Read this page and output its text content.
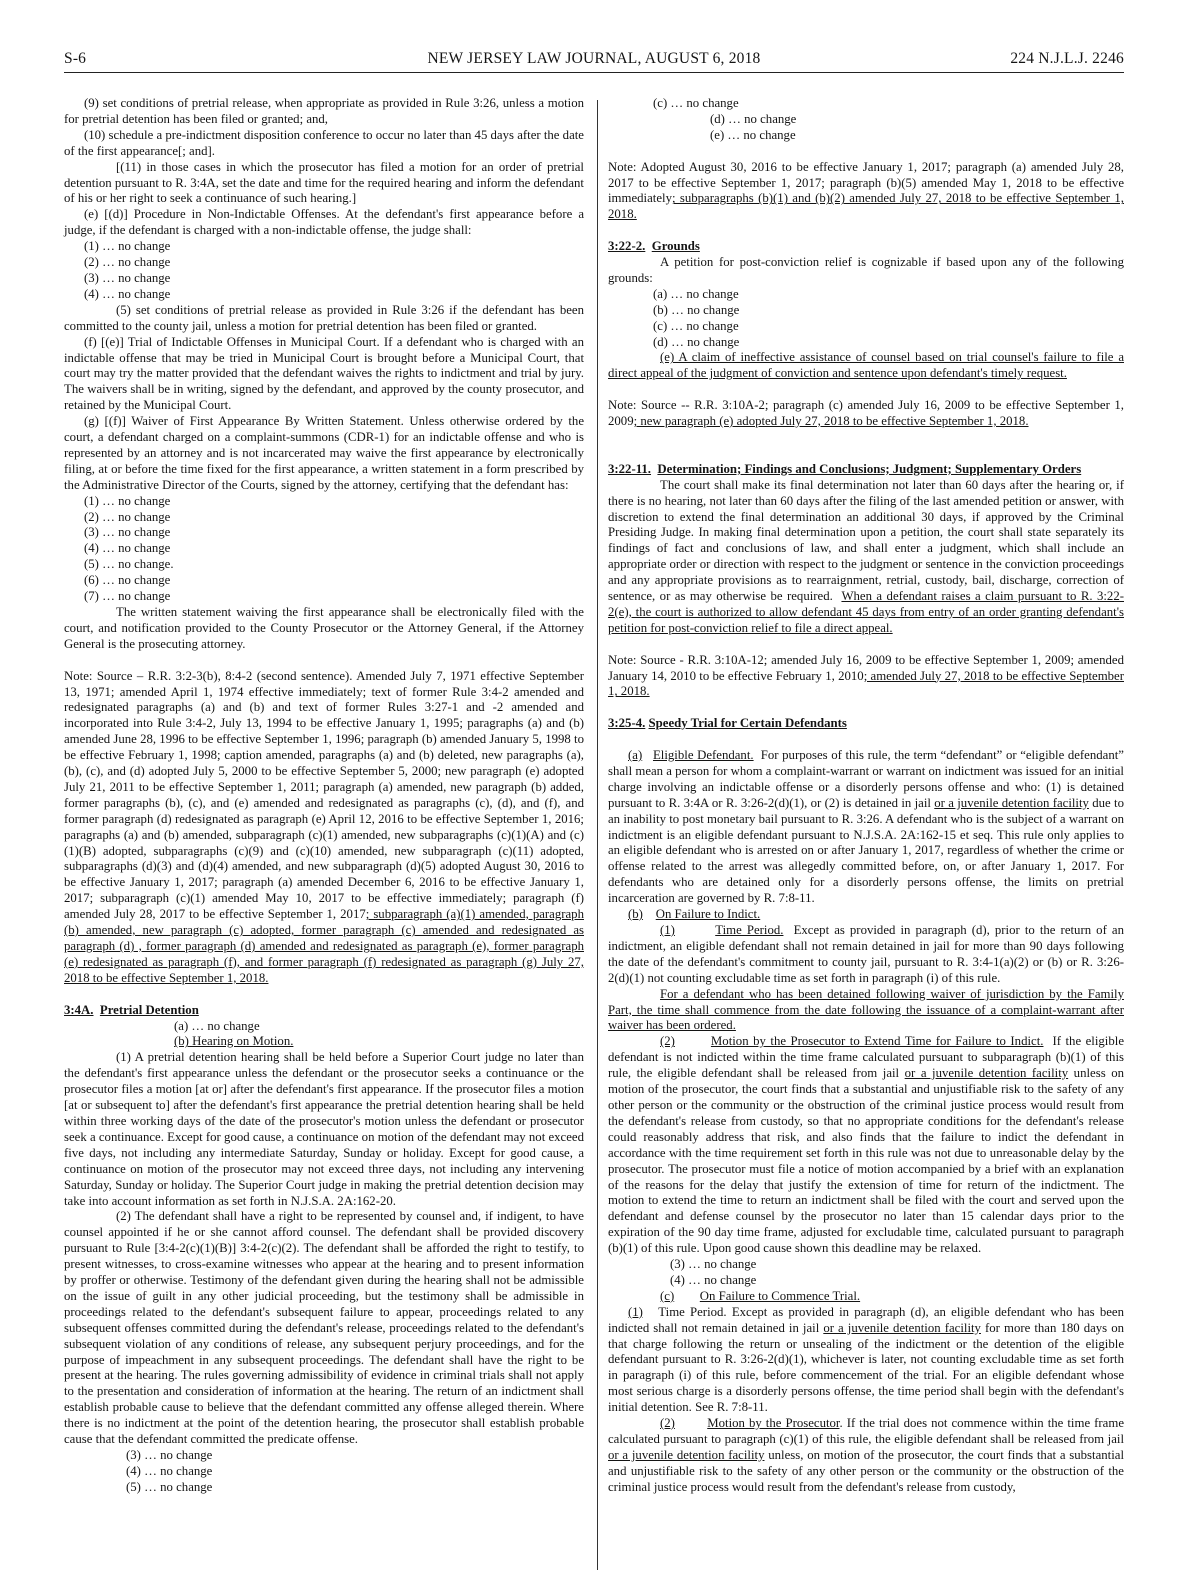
S-6	NEW JERSEY LAW JOURNAL, AUGUST 6, 2018	224 N.J.L.J. 2246

(9) set conditions of pretrial release, when appropriate as provided in Rule 3:26, unless a motion for pretrial detention has been filed or granted; and,

(10) schedule a pre-indictment disposition conference to occur no later than 45 days after the date of the first appearance[; and].

[(11) in those cases in which the prosecutor has filed a motion for an order of pretrial detention pursuant to R. 3:4A, set the date and time for the required hearing and inform the defendant of his or her right to seek a continuance of such hearing.]

(e) [(d)] Procedure in Non-Indictable Offenses. At the defendant's first appearance before a judge, if the defendant is charged with a non-indictable offense, the judge shall:

(1) … no change

(2) … no change

(3) … no change

(4) … no change

(5) set conditions of pretrial release as provided in Rule 3:26 if the defendant has been committed to the county jail, unless a motion for pretrial detention has been filed or granted.

(f) [(e)] Trial of Indictable Offenses in Municipal Court. If a defendant who is charged with an indictable offense that may be tried in Municipal Court is brought before a Municipal Court, that court may try the matter provided that the defendant waives the rights to indictment and trial by jury. The waivers shall be in writing, signed by the defendant, and approved by the county prosecutor, and retained by the Municipal Court.

(g) [(f)] Waiver of First Appearance By Written Statement. Unless otherwise ordered by the court, a defendant charged on a complaint-summons (CDR-1) for an indictable offense and who is represented by an attorney and is not incarcerated may waive the first appearance by electronically filing, at or before the time fixed for the first appearance, a written statement in a form prescribed by the Administrative Director of the Courts, signed by the attorney, certifying that the defendant has:

(1) … no change

(2) … no change

(3) … no change

(4) … no change

(5) … no change.

(6) … no change

(7) … no change

The written statement waiving the first appearance shall be electronically filed with the court, and notification provided to the County Prosecutor or the Attorney General, if the Attorney General is the prosecuting attorney.

Note: Source – R.R. 3:2-3(b), 8:4-2 (second sentence). Amended July 7, 1971 effective September 13, 1971; amended April 1, 1974 effective immediately; text of former Rule 3:4-2 amended and redesignated paragraphs (a) and (b) and text of former Rules 3:27-1 and -2 amended and incorporated into Rule 3:4-2, July 13, 1994 to be effective January 1, 1995; paragraphs (a) and (b) amended June 28, 1996 to be effective September 1, 1996; paragraph (b) amended January 5, 1998 to be effective February 1, 1998; caption amended, paragraphs (a) and (b) deleted, new paragraphs (a), (b), (c), and (d) adopted July 5, 2000 to be effective September 5, 2000; new paragraph (e) adopted July 21, 2011 to be effective September 1, 2011; paragraph (a) amended, new paragraph (b) added, former paragraphs (b), (c), and (e) amended and redesignated as paragraphs (c), (d), and (f), and former paragraph (d) redesignated as paragraph (e) April 12, 2016 to be effective September 1, 2016; paragraphs (a) and (b) amended, subparagraph (c)(1) amended, new subparagraphs (c)(1)(A) and (c)(1)(B) adopted, subparagraphs (c)(9) and (c)(10) amended, new subparagraph (c)(11) adopted, subparagraphs (d)(3) and (d)(4) amended, and new subparagraph (d)(5) adopted August 30, 2016 to be effective January 1, 2017; paragraph (a) amended December 6, 2016 to be effective January 1, 2017; subparagraph (c)(1) amended May 10, 2017 to be effective immediately; paragraph (f) amended July 28, 2017 to be effective September 1, 2017; subparagraph (a)(1) amended, paragraph (b) amended, new paragraph (c) adopted, former paragraph (c) amended and redesignated as paragraph (d) , former paragraph (d) amended and redesignated as paragraph (e), former paragraph (e) redesignated as paragraph (f), and former paragraph (f) redesignated as paragraph (g) July 27, 2018 to be effective September 1, 2018.

3:4A. Pretrial Detention

(a) … no change

(b) Hearing on Motion.

(1) A pretrial detention hearing shall be held before a Superior Court judge no later than the defendant's first appearance unless the defendant or the prosecutor seeks a continuance or the prosecutor files a motion [at or] after the defendant's first appearance. If the prosecutor files a motion [at or subsequent to] after the defendant's first appearance the pretrial detention hearing shall be held within three working days of the date of the prosecutor's motion unless the defendant or prosecutor seek a continuance. Except for good cause, a continuance on motion of the defendant may not exceed five days, not including any intermediate Saturday, Sunday or holiday. Except for good cause, a continuance on motion of the prosecutor may not exceed three days, not including any intervening Saturday, Sunday or holiday. The Superior Court judge in making the pretrial detention decision may take into account information as set forth in N.J.S.A. 2A:162-20.

(2) The defendant shall have a right to be represented by counsel and, if indigent, to have counsel appointed if he or she cannot afford counsel. The defendant shall be provided discovery pursuant to Rule [3:4-2(c)(1)(B)] 3:4-2(c)(2). The defendant shall be afforded the right to testify, to present witnesses, to cross-examine witnesses who appear at the hearing and to present information by proffer or otherwise. Testimony of the defendant given during the hearing shall not be admissible on the issue of guilt in any other judicial proceeding, but the testimony shall be admissible in proceedings related to the defendant's subsequent failure to appear, proceedings related to any subsequent offenses committed during the defendant's release, proceedings related to the defendant's subsequent violation of any conditions of release, any subsequent perjury proceedings, and for the purpose of impeachment in any subsequent proceedings. The defendant shall have the right to be present at the hearing. The rules governing admissibility of evidence in criminal trials shall not apply to the presentation and consideration of information at the hearing. The return of an indictment shall establish probable cause to believe that the defendant committed any offense alleged therein. Where there is no indictment at the point of the detention hearing, the prosecutor shall establish probable cause that the defendant committed the predicate offense.

(3) … no change

(4) … no change

(5) … no change

(c) … no change

(d) … no change

(e) … no change

Note: Adopted August 30, 2016 to be effective January 1, 2017; paragraph (a) amended July 28, 2017 to be effective September 1, 2017; paragraph (b)(5) amended May 1, 2018 to be effective immediately; subparagraphs (b)(1) and (b)(2) amended July 27, 2018 to be effective September 1, 2018.

3:22-2. Grounds

A petition for post-conviction relief is cognizable if based upon any of the following grounds:

(a) … no change

(b) … no change

(c) … no change

(d) … no change

(e) A claim of ineffective assistance of counsel based on trial counsel's failure to file a direct appeal of the judgment of conviction and sentence upon defendant's timely request.

Note: Source -- R.R. 3:10A-2; paragraph (c) amended July 16, 2009 to be effective September 1, 2009; new paragraph (e) adopted July 27, 2018 to be effective September 1, 2018.

3:22-11. Determination; Findings and Conclusions; Judgment; Supplementary Orders

The court shall make its final determination not later than 60 days after the hearing or, if there is no hearing, not later than 60 days after the filing of the last amended petition or answer, with discretion to extend the final determination an additional 30 days, if approved by the Criminal Presiding Judge. In making final determination upon a petition, the court shall state separately its findings of fact and conclusions of law, and shall enter a judgment, which shall include an appropriate order or direction with respect to the judgment or sentence in the conviction proceedings and any appropriate provisions as to rearraignment, retrial, custody, bail, discharge, correction of sentence, or as may otherwise be required. When a defendant raises a claim pursuant to R. 3:22-2(e), the court is authorized to allow defendant 45 days from entry of an order granting defendant's petition for post-conviction relief to file a direct appeal.

Note: Source - R.R. 3:10A-12; amended July 16, 2009 to be effective September 1, 2009; amended January 14, 2010 to be effective February 1, 2010; amended July 27, 2018 to be effective September 1, 2018.

3:25-4. Speedy Trial for Certain Defendants

(a) Eligible Defendant. For purposes of this rule, the term “defendant” or “eligible defendant” shall mean a person for whom a complaint-warrant or warrant on indictment was issued for an initial charge involving an indictable offense or a disorderly persons offense and who: (1) is detained pursuant to R. 3:4A or R. 3:26-2(d)(1), or (2) is detained in jail or a juvenile detention facility due to an inability to post monetary bail pursuant to R. 3:26. A defendant who is the subject of a warrant on indictment is an eligible defendant pursuant to N.J.S.A. 2A:162-15 et seq. This rule only applies to an eligible defendant who is arrested on or after January 1, 2017, regardless of whether the crime or offense related to the arrest was allegedly committed before, on, or after January 1, 2017. For defendants who are detained only for a disorderly persons offense, the limits on pretrial incarceration are governed by R. 7:8-11.

(b) On Failure to Indict.

(1)	Time Period. Except as provided in paragraph (d), prior to the return of an indictment, an eligible defendant shall not remain detained in jail for more than 90 days following the date of the defendant's commitment to county jail, pursuant to R. 3:4-1(a)(2) or (b) or R. 3:26-2(d)(1) not counting excludable time as set forth in paragraph (i) of this rule.

For a defendant who has been detained following waiver of jurisdiction by the Family Part, the time shall commence from the date following the issuance of a complaint-warrant after waiver has been ordered.

(2)	Motion by the Prosecutor to Extend Time for Failure to Indict. If the eligible defendant is not indicted within the time frame calculated pursuant to subparagraph (b)(1) of this rule, the eligible defendant shall be released from jail or a juvenile detention facility unless on motion of the prosecutor, the court finds that a substantial and unjustifiable risk to the safety of any other person or the community or the obstruction of the criminal justice process would result from the defendant's release from custody, so that no appropriate conditions for the defendant's release could reasonably address that risk, and also finds that the failure to indict the defendant in accordance with the time requirement set forth in this rule was not due to unreasonable delay by the prosecutor. The prosecutor must file a notice of motion accompanied by a brief with an explanation of the reasons for the delay that justify the extension of time for return of the indictment. The motion to extend the time to return an indictment shall be filed with the court and served upon the defendant and defense counsel by the prosecutor no later than 15 calendar days prior to the expiration of the 90 day time frame, adjusted for excludable time, calculated pursuant to paragraph (b)(1) of this rule. Upon good cause shown this deadline may be relaxed.

(3) … no change

(4) … no change

(c) On Failure to Commence Trial.

(1) Time Period. Except as provided in paragraph (d), an eligible defendant who has been indicted shall not remain detained in jail or a juvenile detention facility for more than 180 days on that charge following the return or unsealing of the indictment or the detention of the eligible defendant pursuant to R. 3:26-2(d)(1), whichever is later, not counting excludable time as set forth in paragraph (i) of this rule, before commencement of the trial. For an eligible defendant whose most serious charge is a disorderly persons offense, the time period shall begin with the defendant's initial detention. See R. 7:8-11.

(2)	Motion by the Prosecutor. If the trial does not commence within the time frame calculated pursuant to paragraph (c)(1) of this rule, the eligible defendant shall be released from jail or a juvenile detention facility unless, on motion of the prosecutor, the court finds that a substantial and unjustifiable risk to the safety of any other person or the community or the obstruction of the criminal justice process would result from the defendant's release from custody,
